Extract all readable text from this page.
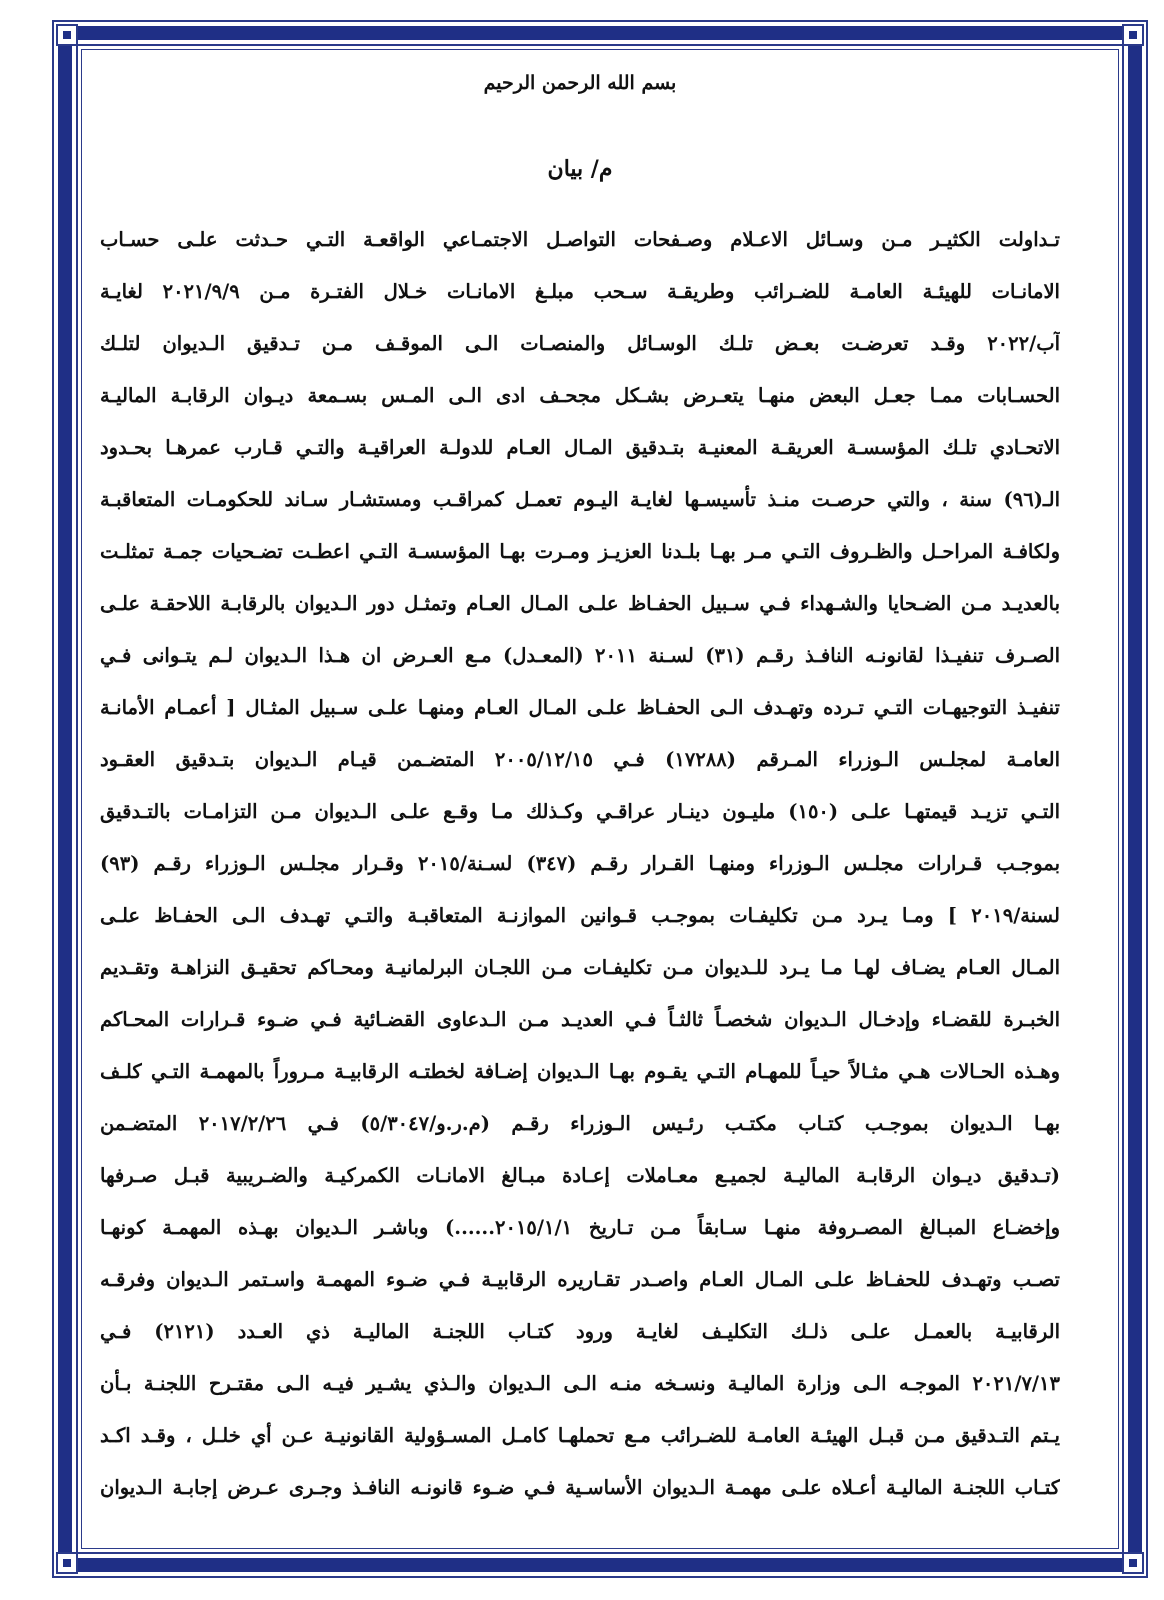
بسم الله الرحمن الرحيم
م/ بيان
تـداولت الكثيـر مـن وسـائل الاعـلام وصـفحات التواصـل الاجتمـاعي الواقعـة التـي حـدثت علـى حسـاب
الامانـات للهيئـة العامـة للضـرائب وطريقـة سـحب مبلـغ الامانـات خـلال الفتـرة مـن ٢٠٢١/٩/٩ لغايـة
آب/٢٠٢٢ وقـد تعرضـت بعـض تلـك الوسـائل والمنصـات الـى الموقـف مـن تـدقيق الـديوان لتلـك
الحسـابات ممـا جعـل البعض منهـا يتعـرض بشـكل مجحـف ادى الـى المـس بسـمعة ديـوان الرقابـة الماليـة
الاتحـادي تلـك المؤسسـة العريقـة المعنيـة بتـدقيق المـال العـام للدولـة العراقيـة والتـي قـارب عمرهـا بحـدود
الـ(٩٦) سنة ، والتي حرصـت منـذ تأسيسـها لغايـة اليـوم تعمـل كمراقـب ومستشـار سـاند للحكومـات المتعاقبـة
ولكافـة المراحـل والظـروف التـي مـر بهـا بلـدنا العزيـز ومـرت بهـا المؤسسـة التـي اعطـت تضـحيات جمـة تمثلـت
بالعديـد مـن الضـحايا والشـهداء فـي سـبيل الحفـاظ علـى المـال العـام وتمثـل دور الـديوان بالرقابـة اللاحقـة علـى
الصـرف تنفيـذا لقانونـه النافـذ رقـم (٣١) لسـنة ٢٠١١ (المعـدل) مـع العـرض ان هـذا الـديوان لـم يتـوانى فـي
تنفيـذ التوجيهـات التـي تـرده وتهـدف الـى الحفـاظ علـى المـال العـام ومنهـا علـى سـبيل المثـال [ أعمـام الأمانـة
العامـة لمجلـس الـوزراء المـرقم (١٧٢٨٨) فـي ٢٠٠٥/١٢/١٥ المتضـمن قيـام الـديوان بتـدقيق العقـود
التـي تزيـد قيمتهـا علـى (١٥٠) مليـون دينـار عراقـي وكـذلك مـا وقـع علـى الـديوان مـن التزامـات بالتـدقيق
بموجـب قـرارات مجلـس الـوزراء ومنهـا القـرار رقـم (٣٤٧) لسـنة/٢٠١٥ وقـرار مجلـس الـوزراء رقـم (٩٣)
لسنة/٢٠١٩ ] ومـا يـرد مـن تكليفـات بموجـب قـوانين الموازنـة المتعاقبـة والتـي تهـدف الـى الحفـاظ علـى
المـال العـام يضـاف لهـا مـا يـرد للـديوان مـن تكليفـات مـن اللجـان البرلمانيـة ومحـاكم تحقيـق النزاهـة وتقـديم
الخبـرة للقضـاء وإدخـال الـديوان شخصـاً ثالثـاً فـي العديـد مـن الـدعاوى القضـائية فـي ضـوء قـرارات المحـاكم
وهـذه الحـالات هـي مثـالاً حيـاً للمهـام التـي يقـوم بهـا الـديوان إضـافة لخطتـه الرقابيـة مـروراً بالمهمـة التـي كلـف
بهـا الـديوان بموجـب كتـاب مكتـب رئـيس الـوزراء رقـم (م.ر.و/٥/٣٠٤٧) فـي ٢٠١٧/٢/٢٦ المتضـمن
(تـدقيق ديـوان الرقابـة الماليـة لجميـع معـاملات إعـادة مبـالغ الامانـات الكمركيـة والضـريبية قبـل صـرفها
وإخضـاع المبـالغ المصـروفة منهـا سـابقاً مـن تـاريخ ٢٠١٥/١/١......) وباشـر الـديوان بهـذه المهمـة كونهـا
تصـب وتهـدف للحفـاظ علـى المـال العـام واصـدر تقـاريره الرقابيـة فـي ضـوء المهمـة واسـتمر الـديوان وفرقـه
الرقابيـة بالعمـل علـى ذلـك التكليـف لغايـة ورود كتـاب اللجنـة الماليـة ذي العـدد (٢١٢١) فـي
٢٠٢١/٧/١٣ الموجـه الـى وزارة الماليـة ونسـخه منـه الـى الـديوان والـذي يشـير فيـه الـى مقتـرح اللجنـة بـأن
يـتم التـدقيق مـن قبـل الهيئـة العامـة للضـرائب مـع تحملهـا كامـل المسـؤولية القانونيـة عـن أي خلـل ، وقـد اكـد
كتـاب اللجنـة الماليـة أعـلاه علـى مهمـة الـديوان الأساسـية فـي ضـوء قانونـه النافـذ وجـرى عـرض إجابـة الـديوان
